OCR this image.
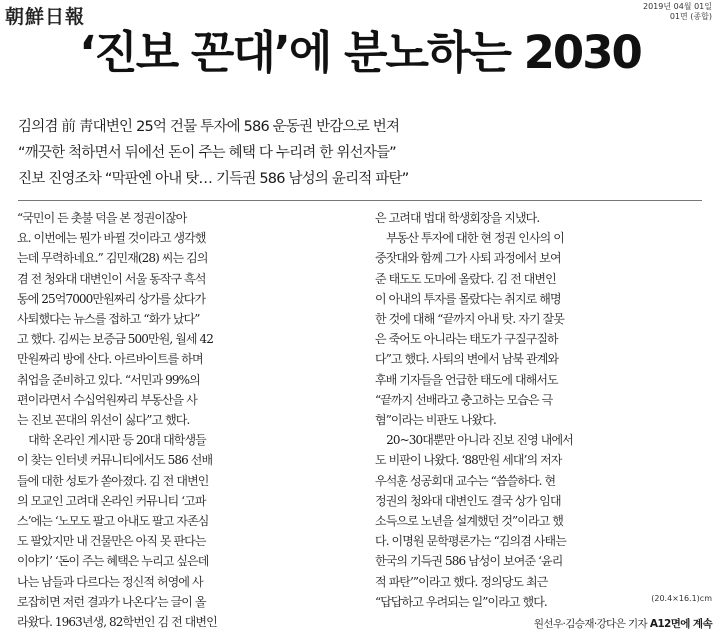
朝鮮日報	2019년 04월 01일
01면 (종합)
‘진보 꼰대’에 분노하는 2030
김의겸 前 靑대변인 25억 건물 투자에 586 운동권 반감으로 번져
“깨끗한 척하면서 뒤에선 돈이 주는 혜택 다 누리려 한 위선자들”
진보 진영조차 “막판엔 아내 탓… 기득권 586 남성의 윤리적 파탄”

“국민이 든 촛불 덕을 본 정권이잖아
요. 이번에는 뭔가 바뀔 것이라고 생각했
는데 무력하네요.” 김민재(28) 씨는 김의
겸 전 청와대 대변인이 서울 동작구 흑석
동에 25억7000만원짜리 상가를 샀다가
사퇴했다는 뉴스를 접하고 “화가 났다”
고 했다. 김씨는 보증금 500만원, 월세 42
만원짜리 방에 산다. 아르바이트를 하며
취업을 준비하고 있다. “서민과 99%의
편이라면서 수십억원짜리 부동산을 사
는 진보 꼰대의 위선이 싫다”고 했다.
　대학 온라인 게시판 등 20대 대학생들
이 찾는 인터넷 커뮤니티에서도 586 선배
들에 대한 성토가 쏟아졌다. 김 전 대변인
의 모교인 고려대 온라인 커뮤니티 ‘고파
스’에는 ‘노모도 팔고 아내도 팔고 자존심
도 팔았지만 내 건물만은 아직 못 판다는
이야기’ ‘돈이 주는 혜택은 누리고 싶은데
나는 남들과 다르다는 정신적 허영에 사
로잡히면 저런 결과가 나온다’는 글이 올
라왔다. 1963년생, 82학번인 김 전 대변인

은 고려대 법대 학생회장을 지냈다.
　부동산 투자에 대한 현 정권 인사의 이
중잣대와 함께 그가 사퇴 과정에서 보여
준 태도도 도마에 올랐다. 김 전 대변인
이 아내의 투자를 몰랐다는 취지로 해명
한 것에 대해 “끝까지 아내 탓. 자기 잘못
은 죽어도 아니라는 태도가 구질구질하
다”고 했다. 사퇴의 변에서 남북 관계와
후배 기자들을 언급한 태도에 대해서도
“끝까지 선배라고 충고하는 모습은 극
혐”이라는 비판도 나왔다.
　20~30대뿐만 아니라 진보 진영 내에서
도 비판이 나왔다. ‘88만원 세대’의 저자
우석훈 성공회대 교수는 “씁쓸하다. 현
정권의 청와대 대변인도 결국 상가 임대
소득으로 노년을 설계했던 것”이라고 했
다. 이명원 문학평론가는 “김의겸 사태는
한국의 기득권 586 남성이 보여준 ‘윤리
적 파탄’”이라고 했다. 정의당도 최근
“답답하고 우려되는 일”이라고 했다.

원선우·김승재·강다은 기자 A12면에 계속
(20.4×16.1)cm
